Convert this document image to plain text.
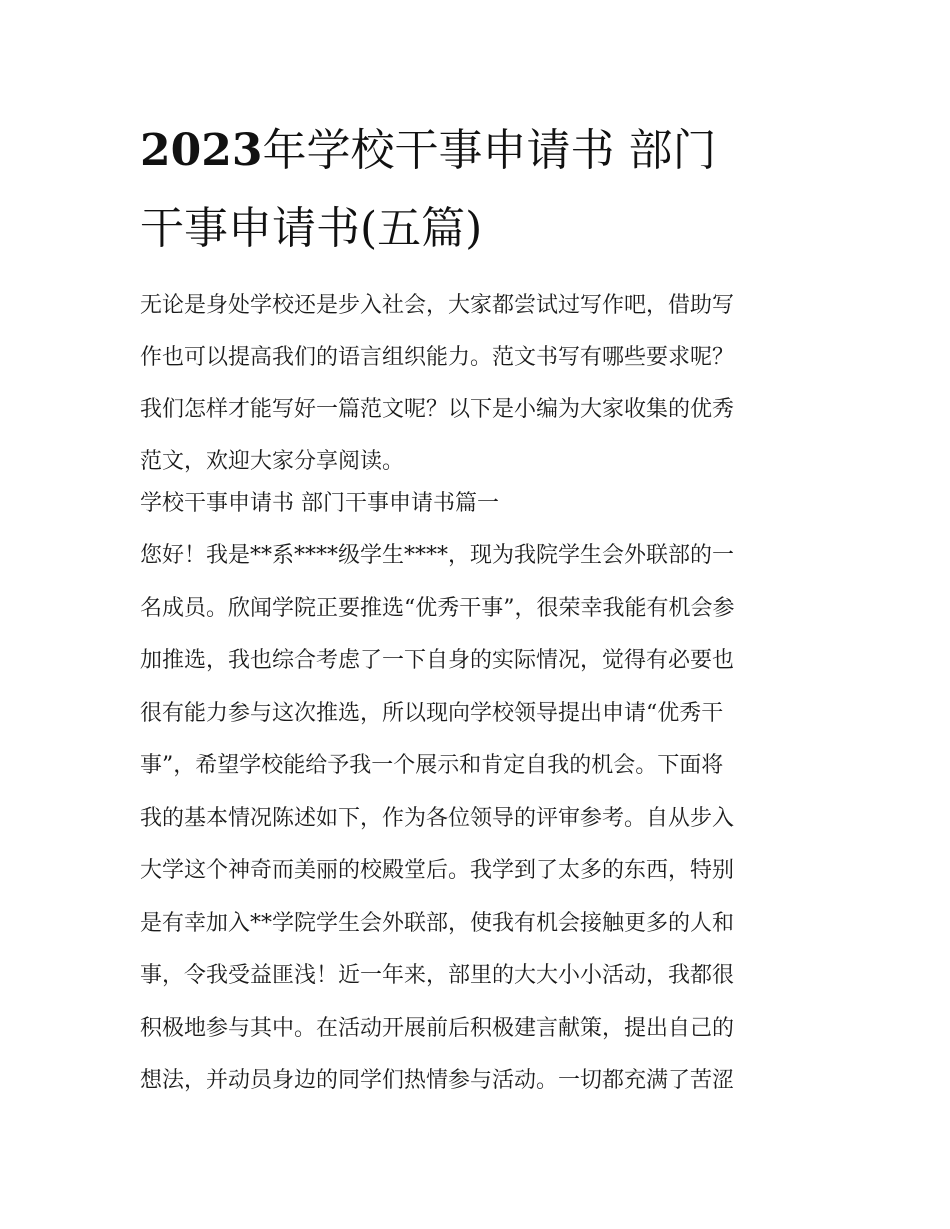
2023年学校干事申请书 部门
干事申请书(五篇)

无论是身处学校还是步入社会，大家都尝试过写作吧，借助写
作也可以提高我们的语言组织能力。范文书写有哪些要求呢？
我们怎样才能写好一篇范文呢？以下是小编为大家收集的优秀
范文，欢迎大家分享阅读。

学校干事申请书 部门干事申请书篇一

您好！我是**系****级学生****，现为我院学生会外联部的一
名成员。欣闻学院正要推选“优秀干事”，很荣幸我能有机会参
加推选，我也综合考虑了一下自身的实际情况，觉得有必要也
很有能力参与这次推选，所以现向学校领导提出申请“优秀干
事”，希望学校能给予我一个展示和肯定自我的机会。下面将
我的基本情况陈述如下，作为各位领导的评审参考。自从步入
大学这个神奇而美丽的校殿堂后。我学到了太多的东西，特别
是有幸加入**学院学生会外联部，使我有机会接触更多的人和
事，令我受益匪浅！近一年来，部里的大大小小活动，我都很
积极地参与其中。在活动开展前后积极建言献策，提出自己的
想法，并动员身边的同学们热情参与活动。一切都充满了苦涩
